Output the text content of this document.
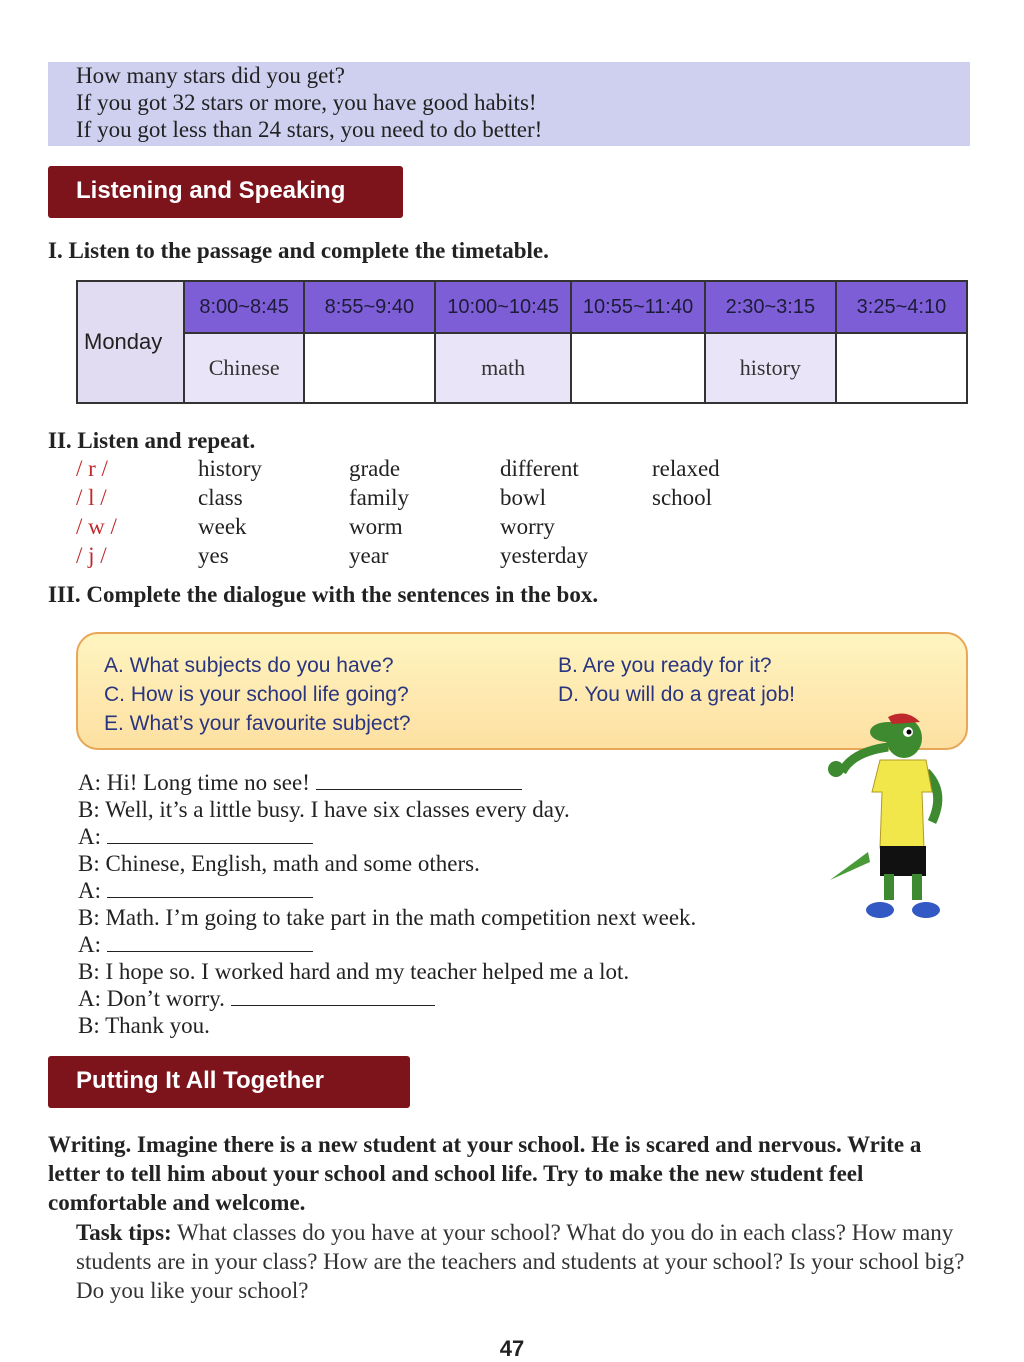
How many stars did you get?
If you got 32 stars or more, you have good habits!
If you got less than 24 stars, you need to do better!
Listening and Speaking
I. Listen to the passage and complete the timetable.
Monday	8:00~8:45	8:55~9:40	10:00~10:45	10:55~11:40	2:30~3:15	3:25~4:10
	Chinese		math		history	
II. Listen and repeat.
/ r /	history	grade	different	relaxed
/ l /	class	family	bowl	school
/ w /	week	worm	worry
/ j /	yes	year	yesterday
III. Complete the dialogue with the sentences in the box.
A. What subjects do you have?	B. Are you ready for it?
C. How is your school life going?	D. You will do a great job!
E. What’s your favourite subject?
A: Hi! Long time no see!
B: Well, it’s a little busy. I have six classes every day.
A:
B: Chinese, English, math and some others.
A:
B: Math. I’m going to take part in the math competition next week.
A:
B: I hope so. I worked hard and my teacher helped me a lot.
A: Don’t worry.
B: Thank you.
Putting It All Together
Writing. Imagine there is a new student at your school. He is scared and nervous. Write a letter to tell him about your school and school life. Try to make the new student feel comfortable and welcome.
Task tips: What classes do you have at your school? What do you do in each class? How many students are in your class? How are the teachers and students at your school? Is your school big? Do you like your school?
47
